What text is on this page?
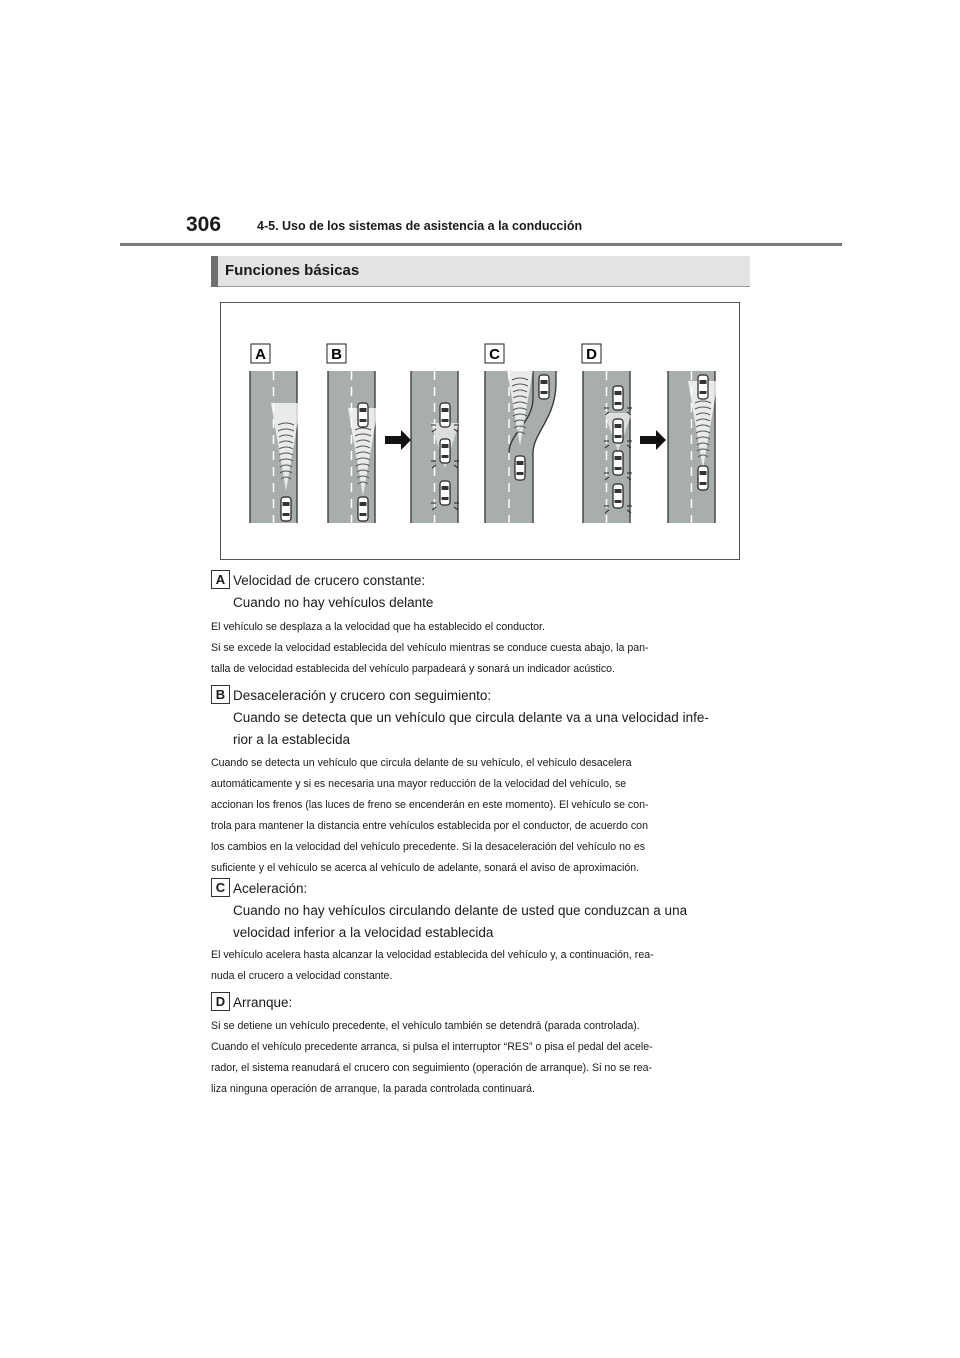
306	4-5. Uso de los sistemas de asistencia a la conducción
Funciones básicas
A	B	C	D
A Velocidad de crucero constante:
Cuando no hay vehículos delante
El vehículo se desplaza a la velocidad que ha establecido el conductor.
Si se excede la velocidad establecida del vehículo mientras se conduce cuesta abajo, la pan-
talla de velocidad establecida del vehículo parpadeará y sonará un indicador acústico.
B Desaceleración y crucero con seguimiento:
Cuando se detecta que un vehículo que circula delante va a una velocidad infe-
rior a la establecida
Cuando se detecta un vehículo que circula delante de su vehículo, el vehículo desacelera
automáticamente y si es necesaria una mayor reducción de la velocidad del vehículo, se
accionan los frenos (las luces de freno se encenderán en este momento). El vehículo se con-
trola para mantener la distancia entre vehículos establecida por el conductor, de acuerdo con
los cambios en la velocidad del vehículo precedente. Si la desaceleración del vehículo no es
suficiente y el vehículo se acerca al vehículo de adelante, sonará el aviso de aproximación.
C Aceleración:
Cuando no hay vehículos circulando delante de usted que conduzcan a una
velocidad inferior a la velocidad establecida
El vehículo acelera hasta alcanzar la velocidad establecida del vehículo y, a continuación, rea-
nuda el crucero a velocidad constante.
D Arranque:
Si se detiene un vehículo precedente, el vehículo también se detendrá (parada controlada).
Cuando el vehículo precedente arranca, si pulsa el interruptor “RES” o pisa el pedal del acele-
rador, el sistema reanudará el crucero con seguimiento (operación de arranque). Si no se rea-
liza ninguna operación de arranque, la parada controlada continuará.
